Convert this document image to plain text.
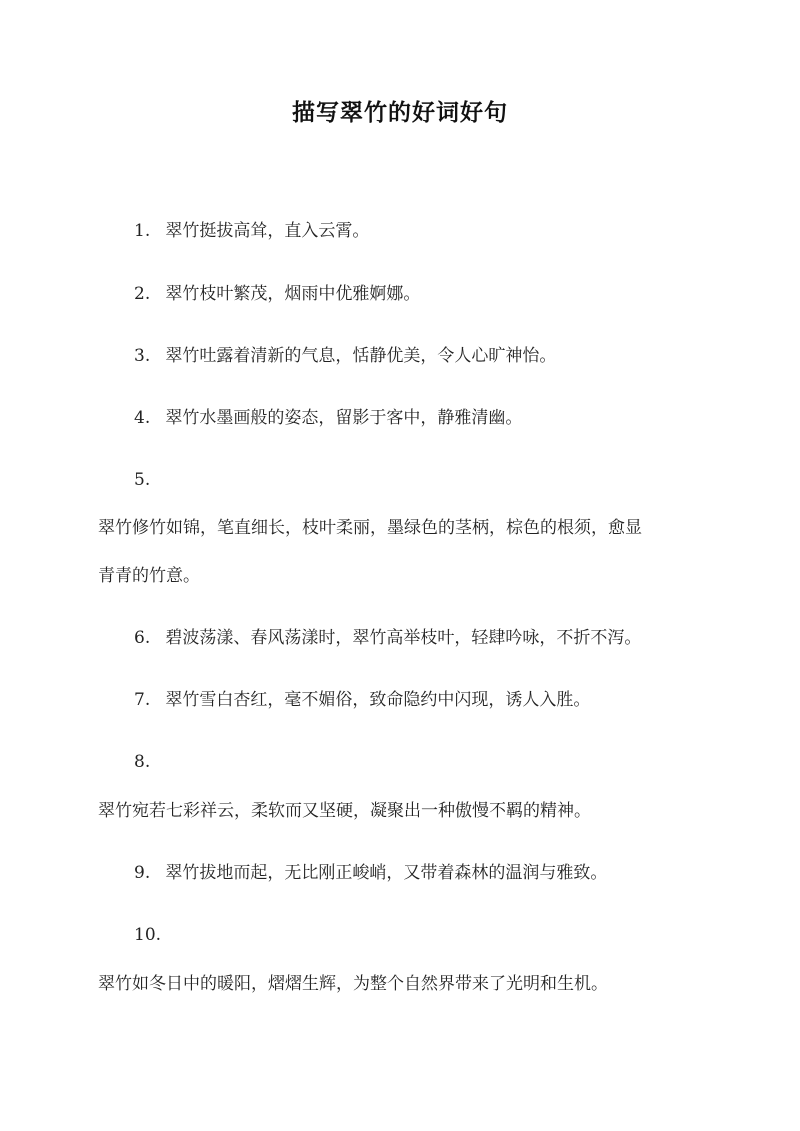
描写翠竹的好词好句
1. 翠竹挺拔高耸，直入云霄。
2. 翠竹枝叶繁茂，烟雨中优雅婀娜。
3. 翠竹吐露着清新的气息，恬静优美，令人心旷神怡。
4. 翠竹水墨画般的姿态，留影于客中，静雅清幽。
5.
翠竹修竹如锦，笔直细长，枝叶柔丽，墨绿色的茎柄，棕色的根须，愈显
青青的竹意。
6. 碧波荡漾、春风荡漾时，翠竹高举枝叶，轻肆吟咏，不折不泻。
7. 翠竹雪白杏红，毫不媚俗，致命隐约中闪现，诱人入胜。
8.
翠竹宛若七彩祥云，柔软而又坚硬，凝聚出一种傲慢不羁的精神。
9. 翠竹拔地而起，无比刚正峻峭，又带着森林的温润与雅致。
10.
翠竹如冬日中的暖阳，熠熠生辉，为整个自然界带来了光明和生机。
